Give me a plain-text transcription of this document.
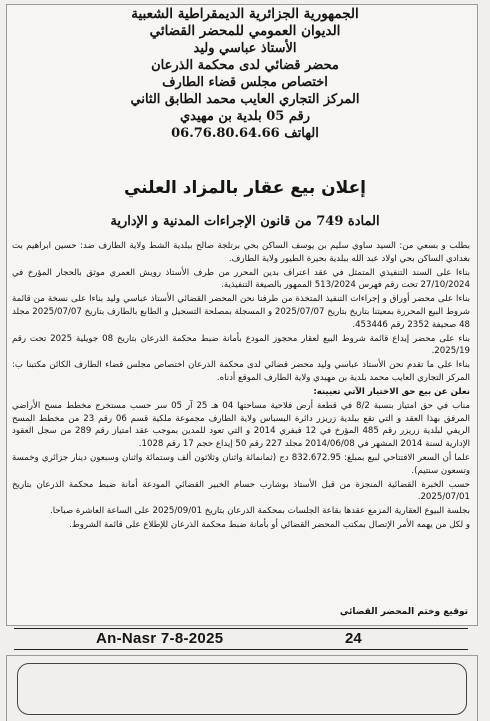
الجمهورية الجزائرية الديمقراطية الشعبية
الديوان العمومي للمحضر القضائي
الأستاذ عباسي وليد
محضر قضائي لدى محكمة الذرعان
اختصاص مجلس قضاء الطارف
المركز التجاري العايب محمد الطابق الثاني
رقم 05 بلدية بن مهيدي
الهاتف 06.76.80.64.66
إعلان بيع عقار بالمزاد العلني
المادة 749 من قانون الإجراءات المدنية و الإدارية

بطلب و بسعي من: السيد ساوي سليم بن يوسف الساكن بحي برتلجة صالح ببلدية الشط ولاية الطارف ضد: حسين ابراهيم بت بغدادي الساكن بحي اولاد عبد الله ببلدية بحيرة الطيور ولاية الطارف.

بناءا على السند التنفيذي المتمثل في عقد اعتراف بدين المحرر من طرف الأستاذ رويش العمري موثق بالحجار المؤرخ في 27/10/2024 تحت رقم فهرس 513/2024 الممهور بالصيغة التنفيذية.

بناءا على محضر أوراق و إجراءات التنفيذ المتخذة من طرفنا نحن المحضر القضائي الأستاذ عباسي وليد بناءا على نسخة من قائمة شروط البيع المحررة بمعيتنا بتاريخ بتاريخ 2025/07/07 و المسجلة بمصلحة التسجيل و الطابع بالطارف بتاريخ 2025/07/07 مجلد 48 صحيفة 2352 رقم 453446.

بناء على محضر إيداع قائمة شروط البيع لعقار محجوز المودع بأمانة ضبط محكمة الذرعان بتاريخ 08 جويلية 2025 تحت رقم 2025/19.

بناءا على ما تقدم نحن الأستاذ عباسي وليد محضر قضائي لدى محكمة الذرعان اختصاص مجلس قضاء الطارف الكائن مكتبنا ب: المركز التجاري العايب محمد بلدية بن مهيدي ولاية الطارف الموقع أدناه.

نعلن عن بيع حق الاختيار الآتي تعيينه:

مناب في حق امتياز بنسبة 8/2 في قطعة أرض فلاحية مساحتها 04 هـ 25 آر 05 سر حسب مستخرج مخطط مسح الأراضي المرفق بهذا العقد و التي تقع ببلدية زريزر دائرة البسباس ولاية الطارف مجموعة ملكية قسم 06 رقم 23 من مخطط المسح الريفي لبلدية زريزر رقم 485 المؤرخ في 12 فبفري 2014 و التي تعود للمدين بموجب عقد امتياز رقم 289 من سجل العقود الإدارية لسنة 2014 المشهر في 2014/06/08 مجلد 227 رقم 50 إيداع حجم 17 رقم 1028.

علما أن السعر الافتتاحي لبيع بمبلغ: 832.672.95 دج (ثمانمائة واثنان وثلاثون ألف وستمائة واثنان وسبعون دينار جزائري وخمسة وتسعون سنتيم).

حسب الخبرة القضائية المنجزة من قبل الأستاذ بوشارب حسام الخبير القضائي المودعة أمانة ضبط محكمة الذرعان بتاريخ 2025/07/01.

بجلسة البيوع العقارية المزمع عقدها بقاعة الجلسات بمحكمة الذرعان بتاريخ 2025/09/01 على الساعة العاشرة صباحا.

و لكل من يهمه الأمر الإتصال بمكتب المحضر القضائي أو بأمانة ضبط محكمة الذرعان للإطلاع على قائمة الشروط.

توقيع وختم المحضر القضائي
An-Nasr 7-8-2025	24
